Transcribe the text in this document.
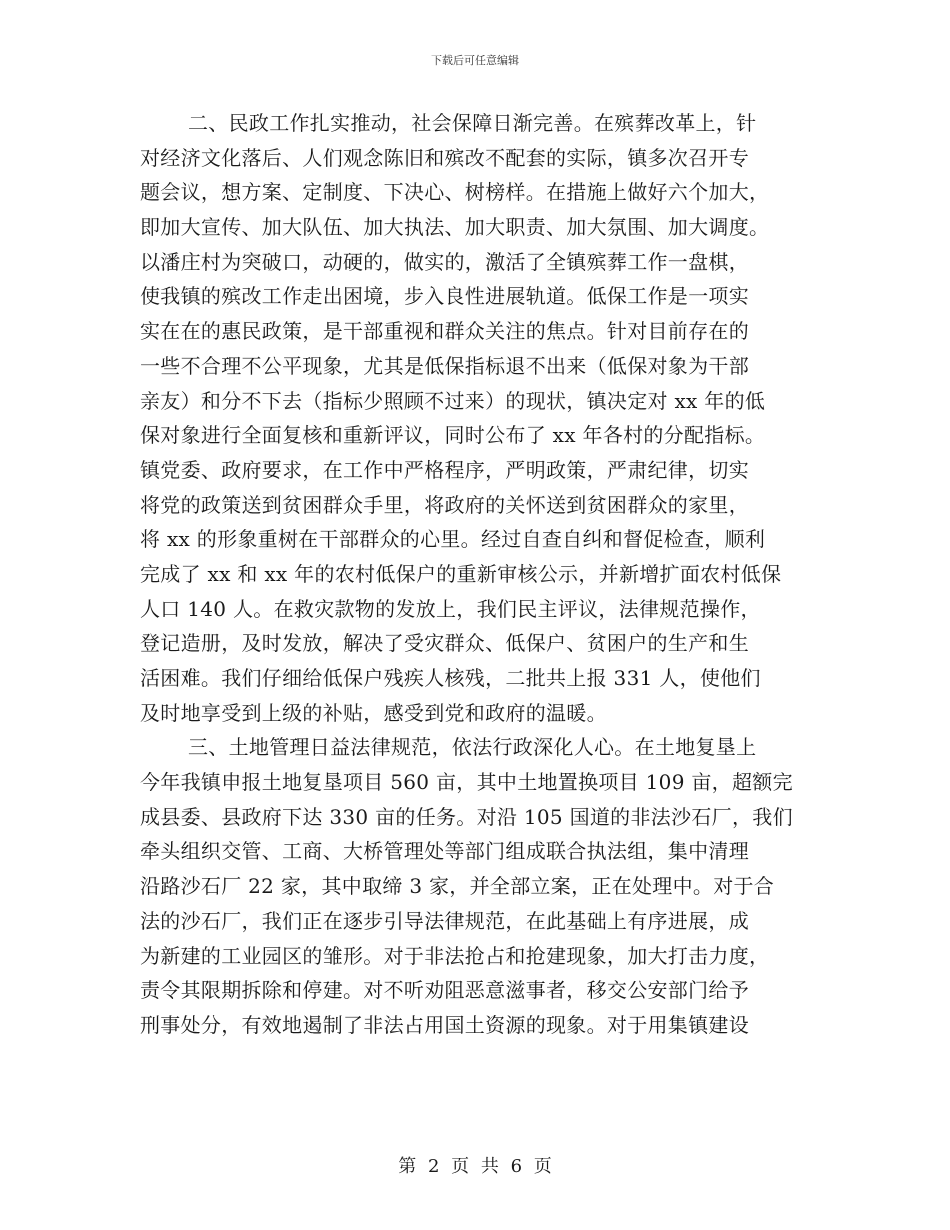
下载后可任意编辑
二、民政工作扎实推动，社会保障日渐完善。在殡葬改革上，针
对经济文化落后、人们观念陈旧和殡改不配套的实际，镇多次召开专
题会议，想方案、定制度、下决心、树榜样。在措施上做好六个加大，
即加大宣传、加大队伍、加大执法、加大职责、加大氛围、加大调度。
以潘庄村为突破口，动硬的，做实的，激活了全镇殡葬工作一盘棋，
使我镇的殡改工作走出困境，步入良性进展轨道。低保工作是一项实
实在在的惠民政策，是干部重视和群众关注的焦点。针对目前存在的
一些不合理不公平现象，尤其是低保指标退不出来（低保对象为干部
亲友）和分不下去（指标少照顾不过来）的现状，镇决定对 xx 年的低
保对象进行全面复核和重新评议，同时公布了 xx 年各村的分配指标。
镇党委、政府要求，在工作中严格程序，严明政策，严肃纪律，切实
将党的政策送到贫困群众手里，将政府的关怀送到贫困群众的家里，
将 xx 的形象重树在干部群众的心里。经过自查自纠和督促检查，顺利
完成了 xx 和 xx 年的农村低保户的重新审核公示，并新增扩面农村低保
人口 140 人。在救灾款物的发放上，我们民主评议，法律规范操作，
登记造册，及时发放，解决了受灾群众、低保户、贫困户的生产和生
活困难。我们仔细给低保户残疾人核残，二批共上报 331 人，使他们
及时地享受到上级的补贴，感受到党和政府的温暖。
三、土地管理日益法律规范，依法行政深化人心。在土地复垦上
今年我镇申报土地复垦项目 560 亩，其中土地置换项目 109 亩，超额完
成县委、县政府下达 330 亩的任务。对沿 105 国道的非法沙石厂，我们
牵头组织交管、工商、大桥管理处等部门组成联合执法组，集中清理
沿路沙石厂 22 家，其中取缔 3 家，并全部立案，正在处理中。对于合
法的沙石厂，我们正在逐步引导法律规范，在此基础上有序进展，成
为新建的工业园区的雏形。对于非法抢占和抢建现象，加大打击力度，
责令其限期拆除和停建。对不听劝阻恶意滋事者，移交公安部门给予
刑事处分，有效地遏制了非法占用国土资源的现象。对于用集镇建设
第 2 页 共 6 页
